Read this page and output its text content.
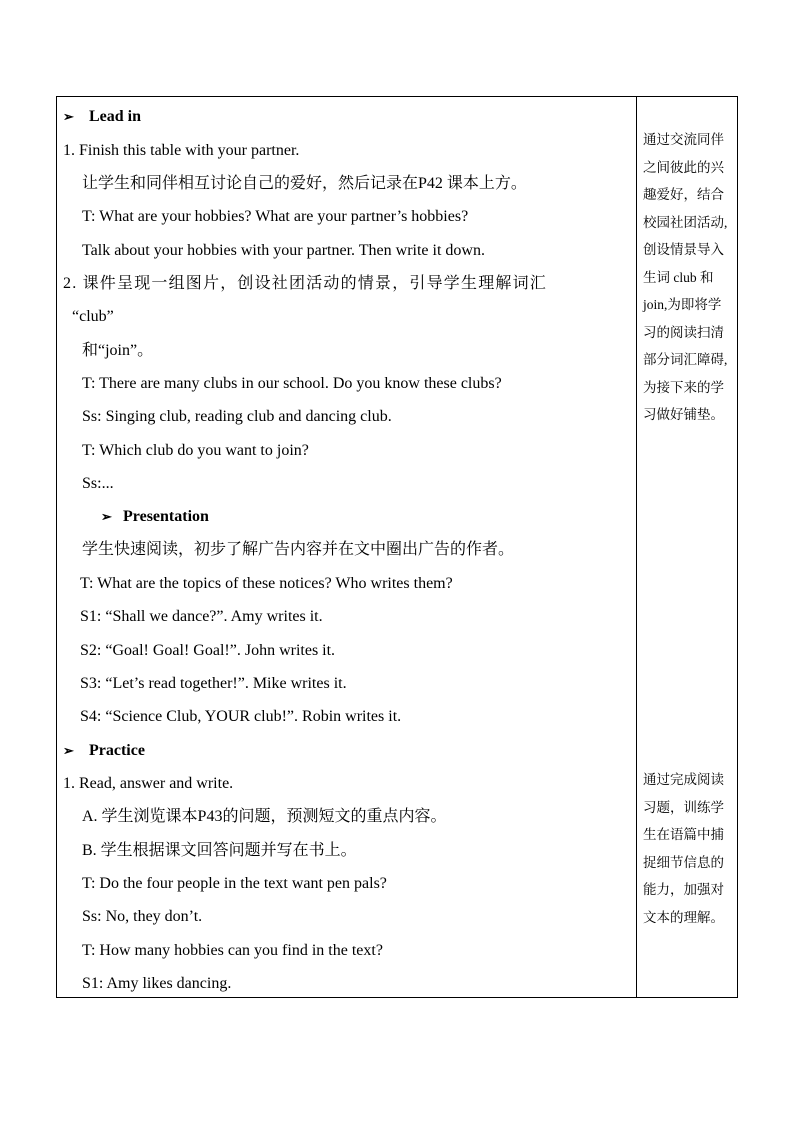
➢ Lead in
1. Finish this table with your partner.
让学生和同伴相互讨论自己的爱好，然后记录在P42 课本上方。
T: What are your hobbies? What are your partner’s hobbies?
Talk about your hobbies with your partner. Then write it down.
2. 课件呈现一组图片，创设社团活动的情景，引导学生理解词汇
“club”
和“join”。
T: There are many clubs in our school. Do you know these clubs?
Ss: Singing club, reading club and dancing club.
T: Which club do you want to join?
Ss:...
➢ Presentation
学生快速阅读，初步了解广告内容并在文中圈出广告的作者。
T: What are the topics of these notices? Who writes them?
S1: “Shall we dance?”. Amy writes it.
S2: “Goal! Goal! Goal!”. John writes it.
S3: “Let’s read together!”. Mike writes it.
S4: “Science Club, YOUR club!”. Robin writes it.
➢ Practice
1. Read, answer and write.
A. 学生浏览课本P43的问题，预测短文的重点内容。
B. 学生根据课文回答问题并写在书上。
T: Do the four people in the text want pen pals?
Ss: No, they don’t.
T: How many hobbies can you find in the text?
S1: Amy likes dancing.
通过交流同伴
之间彼此的兴
趣爱好，结合
校园社团活动,
创设情景导入
生词 club 和
join,为即将学
习的阅读扫清
部分词汇障碍,
为接下来的学
习做好铺垫。
通过完成阅读
习题，训练学
生在语篇中捕
捉细节信息的
能力，加强对
文本的理解。
